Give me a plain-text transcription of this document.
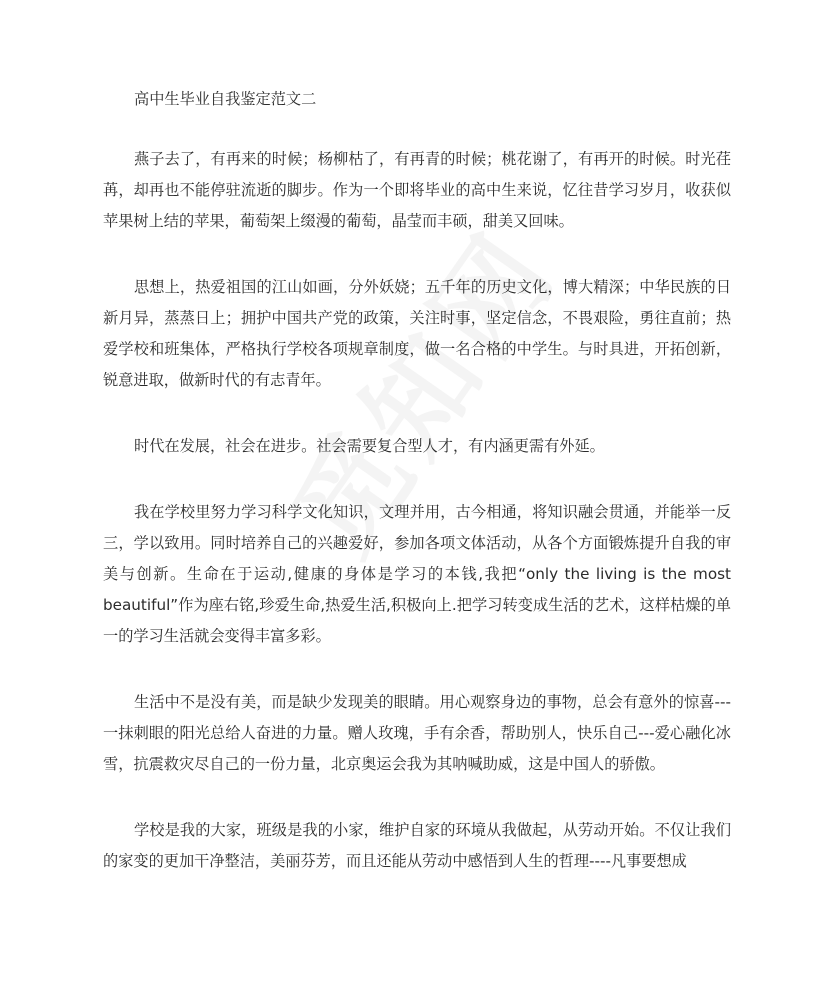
高中生毕业自我鉴定范文二

燕子去了，有再来的时候；杨柳枯了，有再青的时候；桃花谢了，有再开的时候。时光荏苒，却再也不能停驻流逝的脚步。作为一个即将毕业的高中生来说，忆往昔学习岁月，收获似苹果树上结的苹果，葡萄架上缀漫的葡萄，晶莹而丰硕，甜美又回味。

思想上，热爱祖国的江山如画，分外妖娆；五千年的历史文化，博大精深；中华民族的日新月异，蒸蒸日上；拥护中国共产党的政策，关注时事，坚定信念，不畏艰险，勇往直前；热爱学校和班集体，严格执行学校各项规章制度，做一名合格的中学生。与时具进，开拓创新，锐意进取，做新时代的有志青年。

时代在发展，社会在进步。社会需要复合型人才，有内涵更需有外延。

我在学校里努力学习科学文化知识，文理并用，古今相通，将知识融会贯通，并能举一反三，学以致用。同时培养自己的兴趣爱好，参加各项文体活动，从各个方面锻炼提升自我的审美与创新。生命在于运动,健康的身体是学习的本钱,我把“only the living is the most beautiful”作为座右铭,珍爱生命,热爱生活,积极向上.把学习转变成生活的艺术，这样枯燥的单一的学习生活就会变得丰富多彩。

生活中不是没有美，而是缺少发现美的眼睛。用心观察身边的事物，总会有意外的惊喜---一抹刺眼的阳光总给人奋进的力量。赠人玫瑰，手有余香，帮助别人，快乐自己---爱心融化冰雪，抗震救灾尽自己的一份力量，北京奥运会我为其呐喊助威，这是中国人的骄傲。

学校是我的大家，班级是我的小家，维护自家的环境从我做起，从劳动开始。不仅让我们的家变的更加干净整洁，美丽芬芳，而且还能从劳动中感悟到人生的哲理----凡事要想成
